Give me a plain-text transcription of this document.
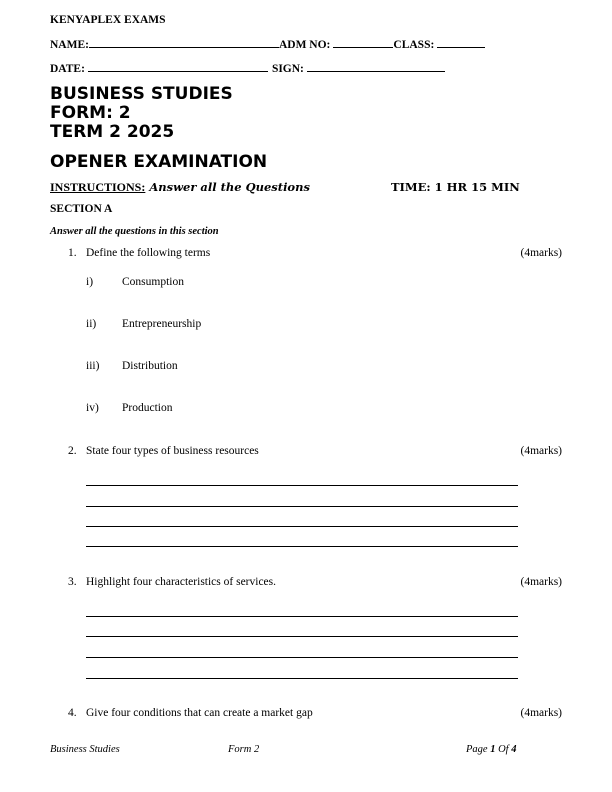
KENYAPLEX EXAMS
NAME:	ADM NO:	CLASS:
DATE:	SIGN:
BUSINESS STUDIES
FORM: 2
TERM 2 2025
OPENER EXAMINATION
INSTRUCTIONS: Answer all the Questions	TIME: 1 HR 15 MIN
SECTION A
Answer all the questions in this section
1. Define the following terms	(4marks)
i)	Consumption
ii) Entrepreneurship
iii) Distribution
iv) Production
2. State four types of business resources	(4marks)
3. Highlight four characteristics of services.	(4marks)
4. Give four conditions that can create a market gap	(4marks)
Business Studies	Form 2	Page 1 Of 4
